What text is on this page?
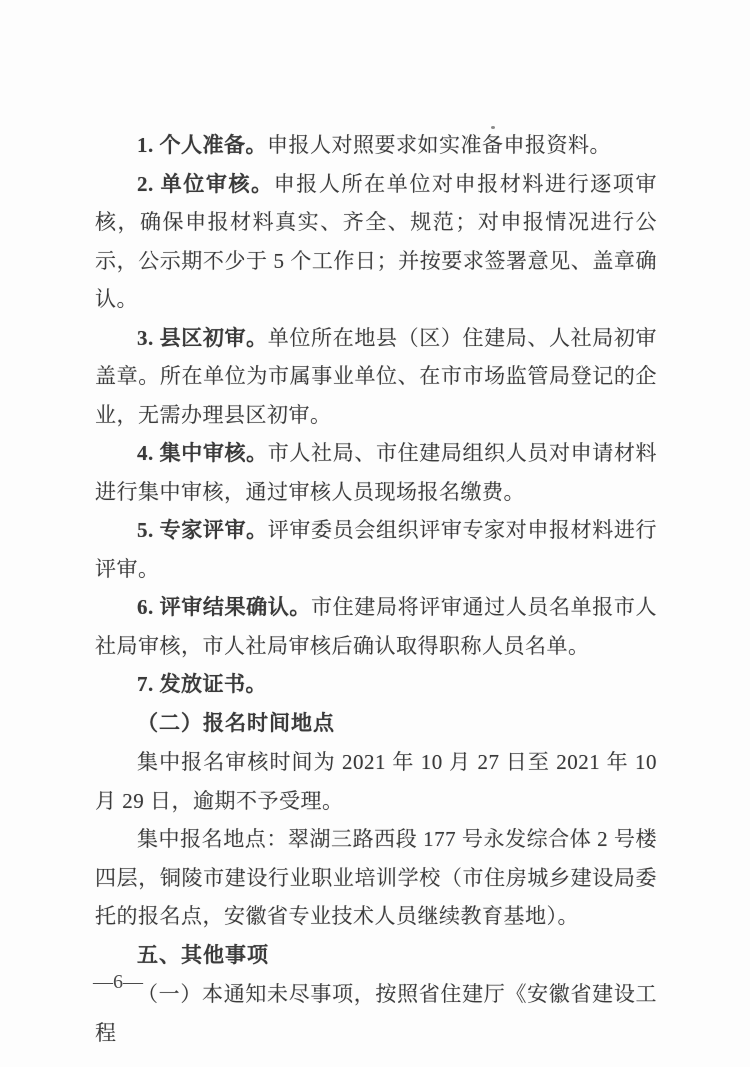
1. 个人准备。申报人对照要求如实准备申报资料。

2. 单位审核。申报人所在单位对申报材料进行逐项审核，确保申报材料真实、齐全、规范；对申报情况进行公示，公示期不少于 5 个工作日；并按要求签署意见、盖章确认。

3. 县区初审。单位所在地县（区）住建局、人社局初审盖章。所在单位为市属事业单位、在市市场监管局登记的企业，无需办理县区初审。

4. 集中审核。市人社局、市住建局组织人员对申请材料进行集中审核，通过审核人员现场报名缴费。

5. 专家评审。评审委员会组织评审专家对申报材料进行评审。

6. 评审结果确认。市住建局将评审通过人员名单报市人社局审核，市人社局审核后确认取得职称人员名单。

7. 发放证书。

（二）报名时间地点

集中报名审核时间为 2021 年 10 月 27 日至 2021 年 10 月 29 日，逾期不予受理。

集中报名地点：翠湖三路西段 177 号永发综合体 2 号楼四层，铜陵市建设行业职业培训学校（市住房城乡建设局委托的报名点，安徽省专业技术人员继续教育基地）。

五、其他事项

（一）本通知未尽事项，按照省住建厅《安徽省建设工程

—6—
